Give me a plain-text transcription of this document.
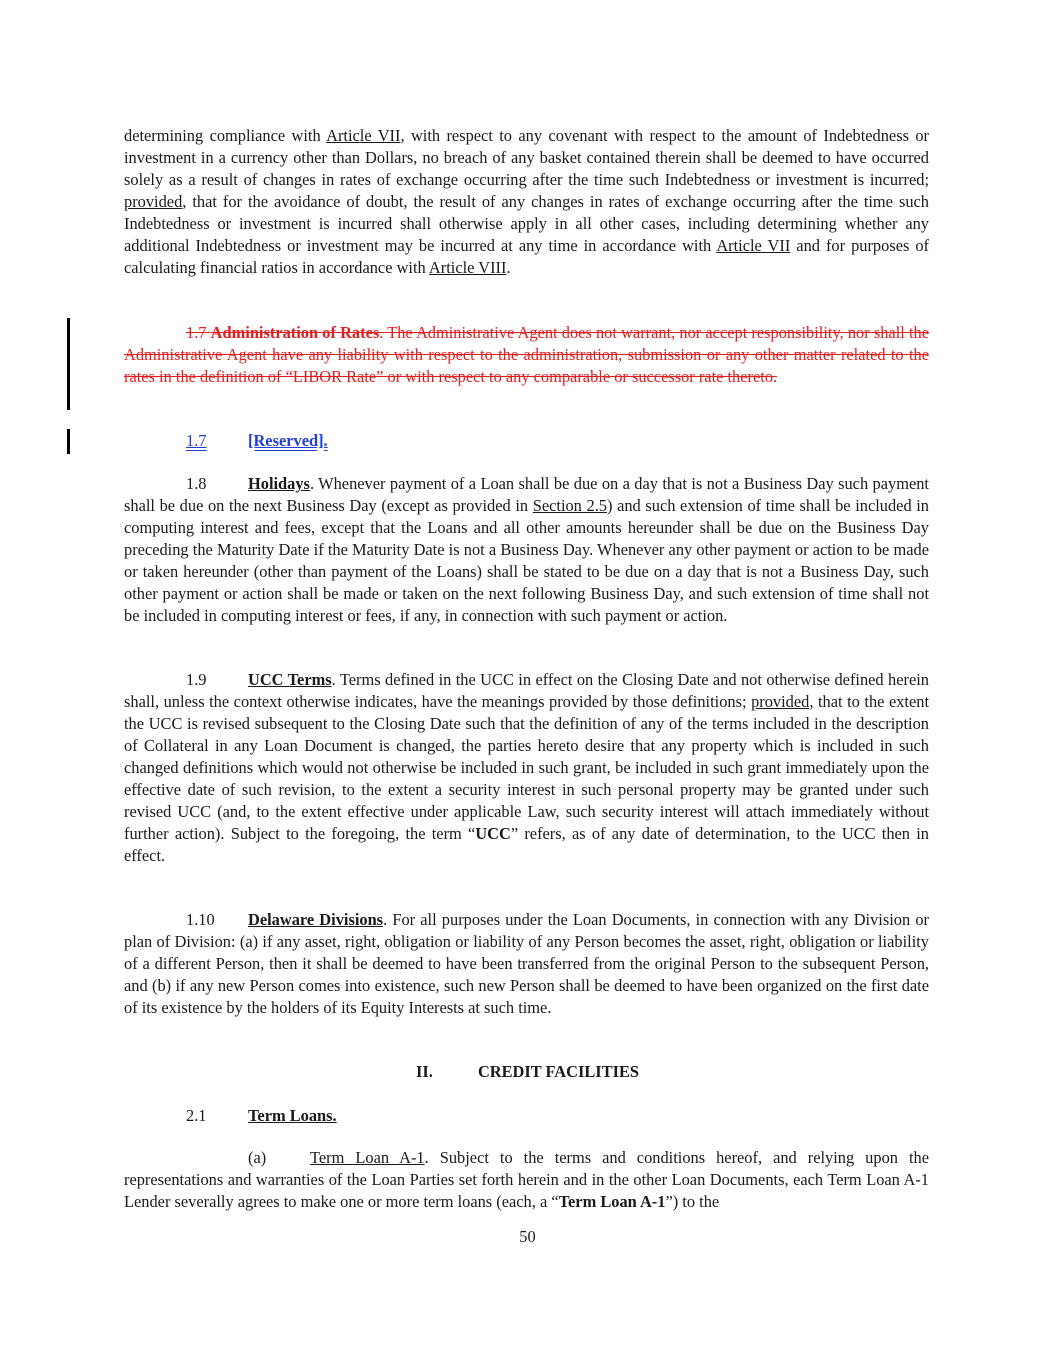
determining compliance with Article VII, with respect to any covenant with respect to the amount of Indebtedness or investment in a currency other than Dollars, no breach of any basket contained therein shall be deemed to have occurred solely as a result of changes in rates of exchange occurring after the time such Indebtedness or investment is incurred; provided, that for the avoidance of doubt, the result of any changes in rates of exchange occurring after the time such Indebtedness or investment is incurred shall otherwise apply in all other cases, including determining whether any additional Indebtedness or investment may be incurred at any time in accordance with Article VII and for purposes of calculating financial ratios in accordance with Article VIII.

1.7 Administration of Rates. The Administrative Agent does not warrant, nor accept responsibility, nor shall the Administrative Agent have any liability with respect to the administration, submission or any other matter related to the rates in the definition of “LIBOR Rate” or with respect to any comparable or successor rate thereto.

1.7	[Reserved].

1.8	Holidays. Whenever payment of a Loan shall be due on a day that is not a Business Day such payment shall be due on the next Business Day (except as provided in Section 2.5) and such extension of time shall be included in computing interest and fees, except that the Loans and all other amounts hereunder shall be due on the Business Day preceding the Maturity Date if the Maturity Date is not a Business Day. Whenever any other payment or action to be made or taken hereunder (other than payment of the Loans) shall be stated to be due on a day that is not a Business Day, such other payment or action shall be made or taken on the next following Business Day, and such extension of time shall not be included in computing interest or fees, if any, in connection with such payment or action.

1.9	UCC Terms. Terms defined in the UCC in effect on the Closing Date and not otherwise defined herein shall, unless the context otherwise indicates, have the meanings provided by those definitions; provided, that to the extent the UCC is revised subsequent to the Closing Date such that the definition of any of the terms included in the description of Collateral in any Loan Document is changed, the parties hereto desire that any property which is included in such changed definitions which would not otherwise be included in such grant, be included in such grant immediately upon the effective date of such revision, to the extent a security interest in such personal property may be granted under such revised UCC (and, to the extent effective under applicable Law, such security interest will attach immediately without further action). Subject to the foregoing, the term “UCC” refers, as of any date of determination, to the UCC then in effect.

1.10 Delaware Divisions. For all purposes under the Loan Documents, in connection with any Division or plan of Division: (a) if any asset, right, obligation or liability of any Person becomes the asset, right, obligation or liability of a different Person, then it shall be deemed to have been transferred from the original Person to the subsequent Person, and (b) if any new Person comes into existence, such new Person shall be deemed to have been organized on the first date of its existence by the holders of its Equity Interests at such time.

II.	CREDIT FACILITIES

2.1	Term Loans.

(a)	Term Loan A-1. Subject to the terms and conditions hereof, and relying upon the representations and warranties of the Loan Parties set forth herein and in the other Loan Documents, each Term Loan A-1 Lender severally agrees to make one or more term loans (each, a “Term Loan A-1”) to the

50
